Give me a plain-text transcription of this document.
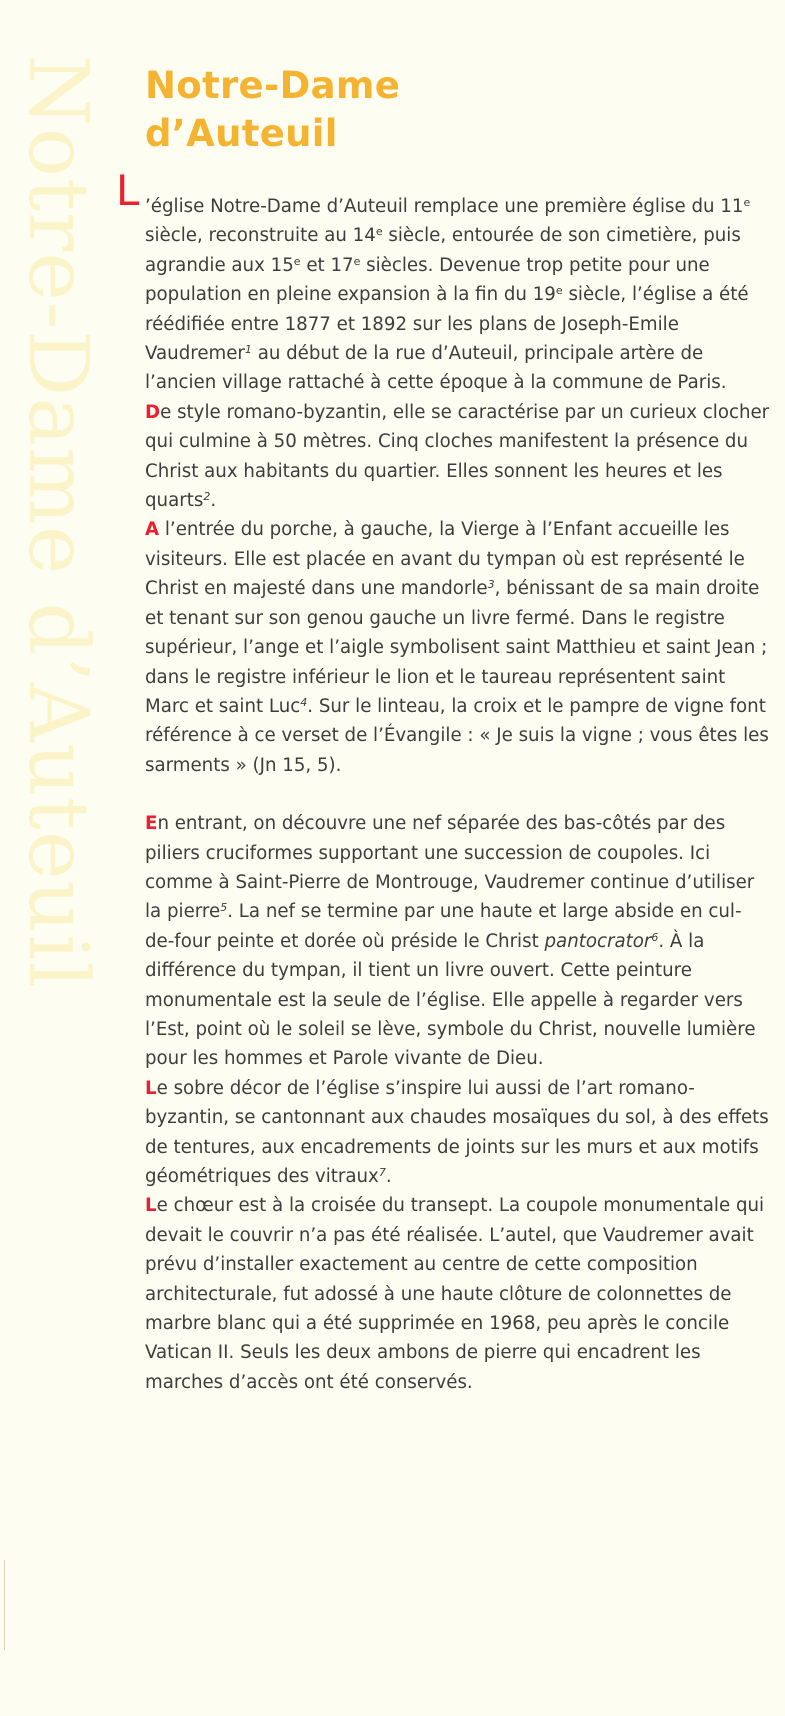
Notre-Dame d’Auteuil Notre-Dame
d’Auteuil

L ’église Notre-Dame d’Auteuil remplace une première église du 11e siècle, reconstruite au 14e siècle, entourée de son cimetière, puis agrandie aux 15e et 17e siècles. Devenue trop petite pour une population en pleine expansion à la fin du 19e siècle, l’église a été réédifiée entre 1877 et 1892 sur les plans de Joseph-Emile Vaudremer$^1$ au début de la rue d’Auteuil, principale artère de l’ancien village rattaché à cette époque à la commune de Paris.

De style romano-byzantin, elle se caractérise par un curieux clocher qui culmine à 50 mètres. Cinq cloches manifestent la présence du Christ aux habitants du quartier. Elles sonnent les heures et les quarts$^2$.

A l’entrée du porche, à gauche, la Vierge à l’Enfant accueille les visiteurs. Elle est placée en avant du tympan où est représenté le Christ en majesté dans une mandorle$^3$, bénissant de sa main droite et tenant sur son genou gauche un livre fermé. Dans le registre supérieur, l’ange et l’aigle symbolisent saint Matthieu et saint Jean ; dans le registre inférieur le lion et le taureau représentent saint Marc et saint Luc$^4$. Sur le linteau, la croix et le pampre de vigne font référence à ce verset de l’Évangile : « Je suis la vigne ; vous êtes les sarments » (Jn 15, 5).

En entrant, on découvre une nef séparée des bas-côtés par des piliers cruciformes supportant une succession de coupoles. Ici comme à Saint-Pierre de Montrouge, Vaudremer continue d’utiliser la pierre$^5$. La nef se termine par une haute et large abside en cul-de-four peinte et dorée où préside le Christ pantocrator$^6$. À la différence du tympan, il tient un livre ouvert. Cette peinture monumentale est la seule de l’église. Elle appelle à regarder vers l’Est, point où le soleil se lève, symbole du Christ, nouvelle lumière pour les hommes et Parole vivante de Dieu.

Le sobre décor de l’église s’inspire lui aussi de l’art romano-byzantin, se cantonnant aux chaudes mosaïques du sol, à des effets de tentures, aux encadrements de joints sur les murs et aux motifs géométriques des vitraux$^7$.

Le chœur est à la croisée du transept. La coupole monumentale qui devait le couvrir n’a pas été réalisée. L’autel, que Vaudremer avait prévu d’installer exactement au centre de cette composition architecturale, fut adossé à une haute clôture de colonnettes de marbre blanc qui a été supprimée en 1968, peu après le concile Vatican II. Seuls les deux ambons de pierre qui encadrent les marches d’accès ont été conservés.
